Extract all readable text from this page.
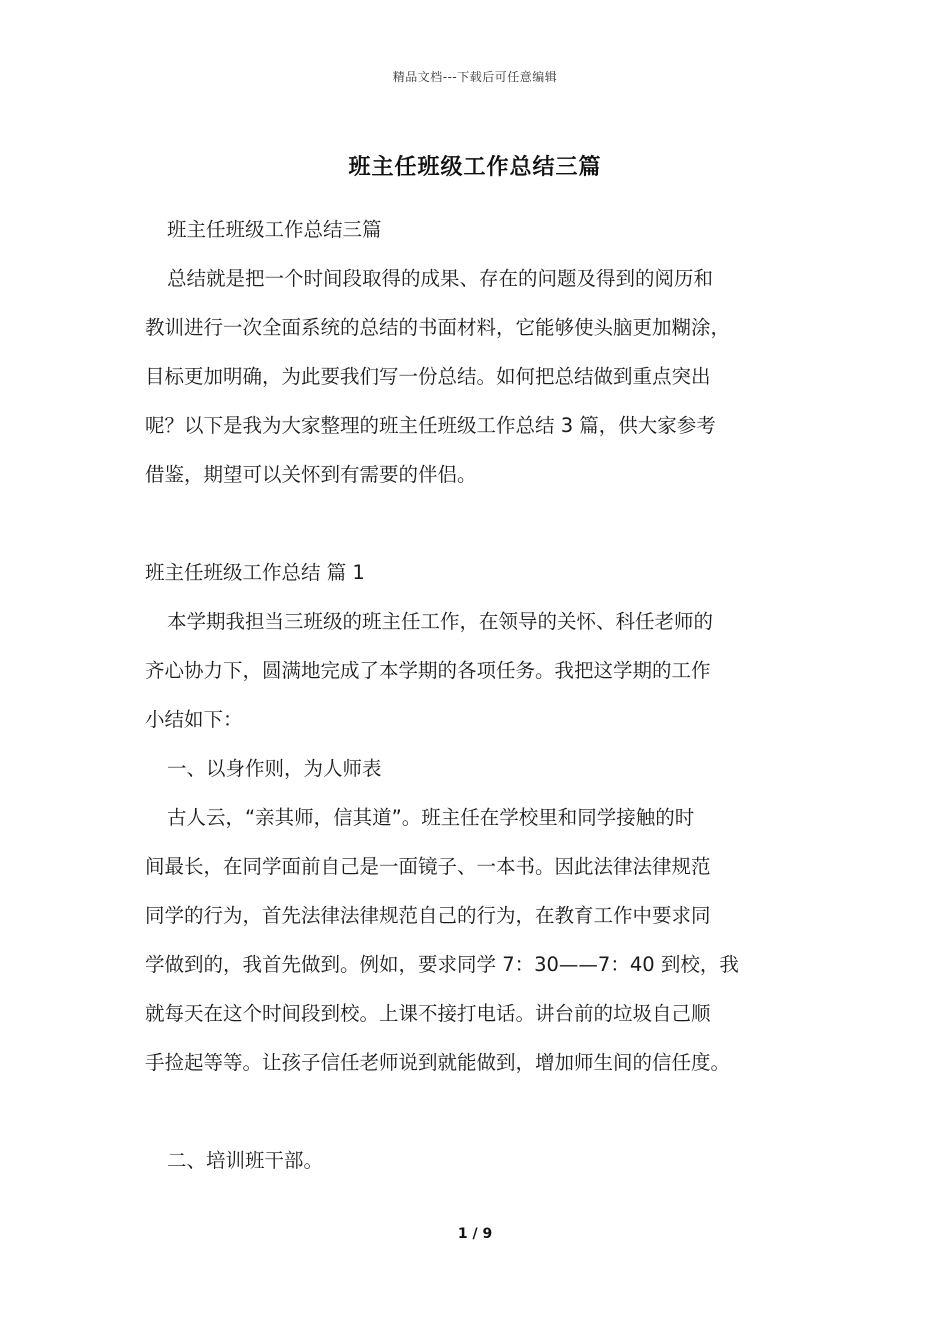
精品文档---下载后可任意编辑
班主任班级工作总结三篇
班主任班级工作总结三篇
总结就是把一个时间段取得的成果、存在的问题及得到的阅历和
教训进行一次全面系统的总结的书面材料，它能够使头脑更加糊涂，
目标更加明确，为此要我们写一份总结。如何把总结做到重点突出
呢？以下是我为大家整理的班主任班级工作总结 3 篇，供大家参考
借鉴，期望可以关怀到有需要的伴侣。
班主任班级工作总结 篇 1
本学期我担当三班级的班主任工作，在领导的关怀、科任老师的
齐心协力下，圆满地完成了本学期的各项任务。我把这学期的工作
小结如下：
一、以身作则，为人师表
古人云，“亲其师，信其道”。班主任在学校里和同学接触的时
间最长，在同学面前自己是一面镜子、一本书。因此法律法律规范
同学的行为，首先法律法律规范自己的行为，在教育工作中要求同
学做到的，我首先做到。例如，要求同学 7：30——7：40 到校，我
就每天在这个时间段到校。上课不接打电话。讲台前的垃圾自己顺
手捡起等等。让孩子信任老师说到就能做到，增加师生间的信任度。
二、培训班干部。
1 / 9
